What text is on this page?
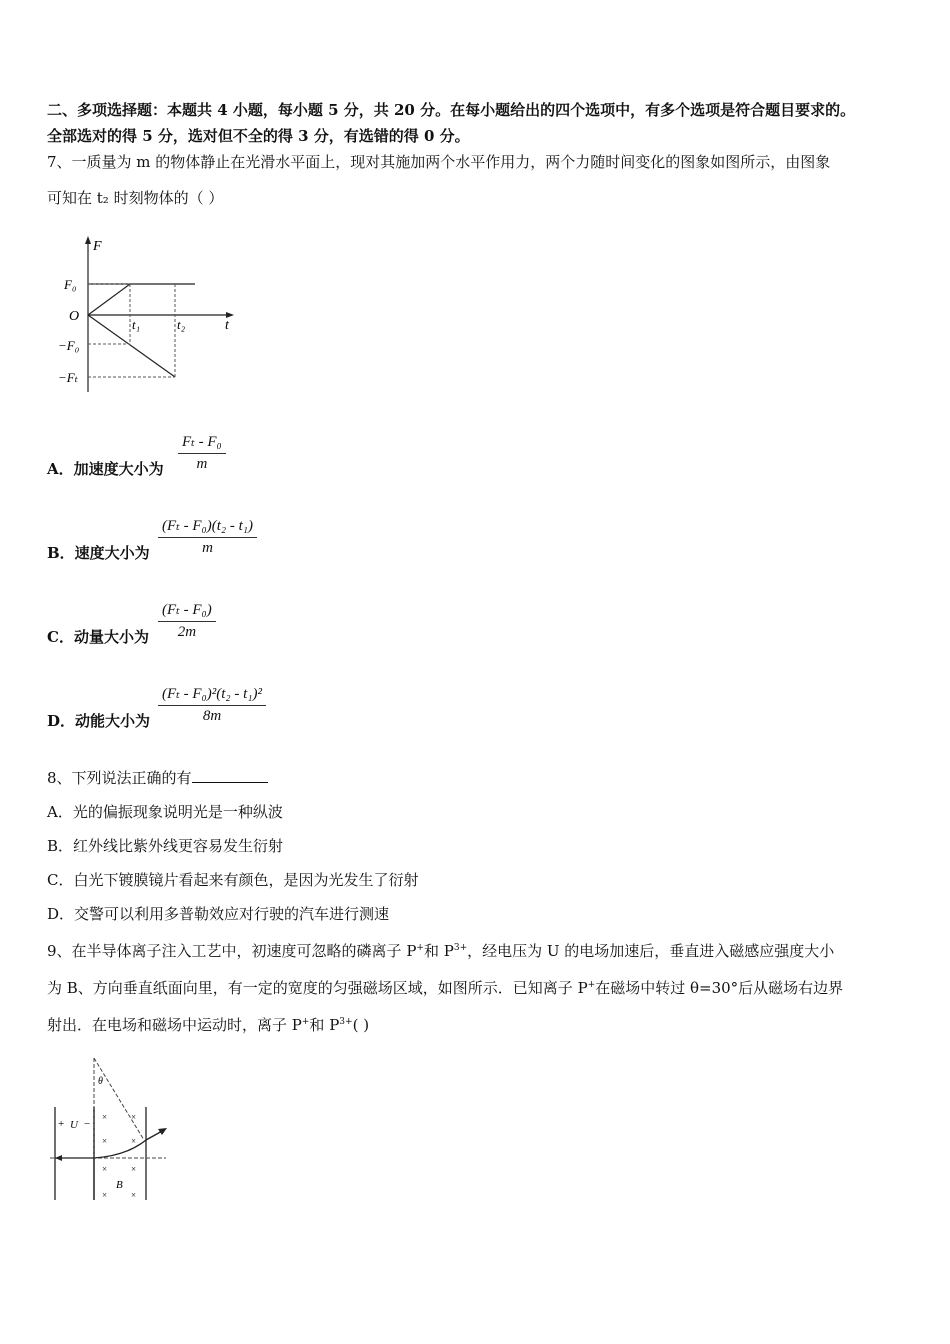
二、多项选择题：本题共 4 小题，每小题 5 分，共 20 分。在每小题给出的四个选项中，有多个选项是符合题目要求的。
全部选对的得 5 分，选对但不全的得 3 分，有选错的得 0 分。
7、一质量为 m 的物体静止在光滑水平面上，现对其施加两个水平作用力，两个力随时间变化的图象如图所示，由图象
可知在 t₂ 时刻物体的（ ）
F
t
O
F₀
−F₀
−Fₜ
t₁	t₂
A．加速度大小为 $\frac{\text{Fₜ - F₀}}{m}$
B．速度大小为 $\frac{\text{(Fₜ - F₀)(t₂ - t₁)}}{m}$
C．动量大小为 $\frac{\text{(Fₜ - F₀)}}{2m}$
D．动能大小为 $\frac{\text{(Fₜ - F₀)²(t₂ - t₁)²}}{8m}$
8、下列说法正确的有
A．光的偏振现象说明光是一种纵波
B．红外线比紫外线更容易发生衍射
C．白光下镀膜镜片看起来有颜色，是因为光发生了衍射
D．交警可以利用多普勒效应对行驶的汽车进行测速
9、在半导体离子注入工艺中，初速度可忽略的磷离子 P+和 $P^{3+}$，经电压为 U 的电场加速后，垂直进入磁感应强度大小
为 B、方向垂直纸面向里，有一定的宽度的匀强磁场区域，如图所示．已知离子 P+在磁场中转过 θ=30°后从磁场右边界
射出．在电场和磁场中运动时，离子 P+和 $P^{3+}$( )
θ
+ U −
B
×	×
×	×
×	×
×	×
